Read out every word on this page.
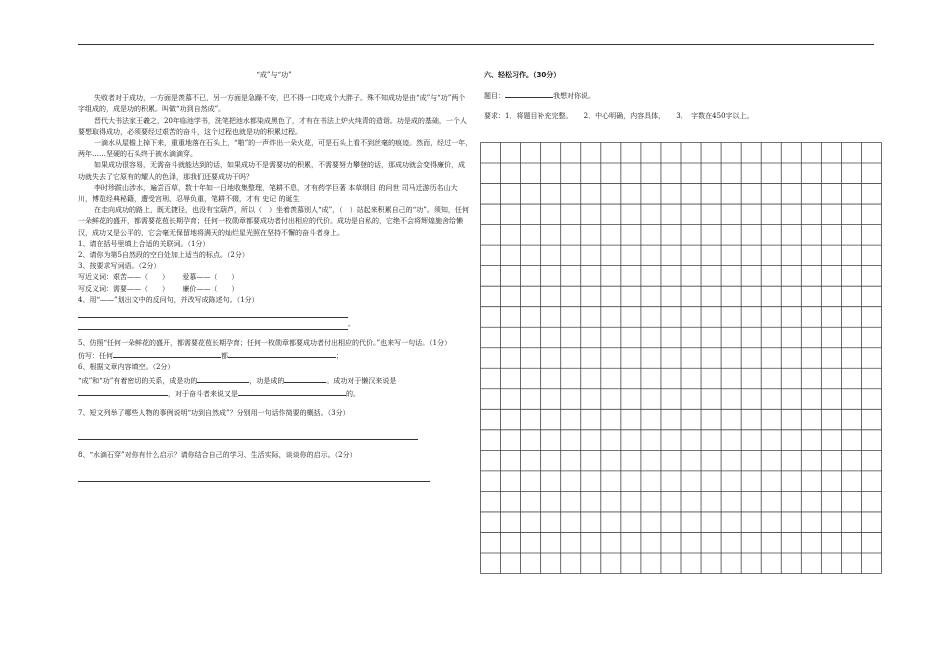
“成”与“功”

失败者对于成功，一方面是羡慕不已，另一方面是急躁不安，巴不得一口吃成个大胖子。殊不知成功是由“成”与“功”两个字组成的，成是功的积累。叫做“功到自然成”。

晋代大书法家王羲之，20年临池学书，洗笔把池水都染成黑色了，才有在书法上炉火纯青的造诣。功是成的基础，一个人要想取得成功，必须要经过艰苦的奋斗，这个过程也就是功的积累过程。

一滴水从屋檐上掉下来，重重地落在石头上，“啪”的一声炸出一朵火花，可是石头上看不到丝毫的痕迹。然而，经过一年，　两年……坚硬的石头终于被水滴滴穿。

如果成功很容易，无需奋斗就能达到的话，如果成功不是需要功的积累，不需要努力攀登的话，那成功就会变得廉价，成功就失去了它原有的耀人的色泽，那我们还要成功干吗？

李时珍跋山涉水，遍尝百草，数十年如一日地收集整理，笔耕不息，才有药学巨著 本草纲目 的问世 司马迁游历名山大川，博览经典秘籍，遭受宫刑，忍辱负重，笔耕不辍，才有 史记 的诞生

在走向成功的路上，既无捷径，也没有宝葫芦，所以（　）坐着羡慕别人“成”，（　）站起来积累自己的“功”。须知，任何一朵鲜花的盛开，都需要花苞长期孕育；任何一枚勋章都要成功者付出相应的代价。成功是自私的，它绝不会将辉煌施舍给懒汉，成功又是公平的，它会毫无保留地将满天的灿烂星光照在坚持不懈的奋斗者身上。

1、请在括号里填上合适的关联词。（1分）

2、请你为第5自然段的空白处加上适当的标点。（2分）

3、按要求写词语。（2分）

写近义词：艰苦——（　　） 爱慕——（　　）

写反义词：需要——（　　） 廉价——（　　）

4、用“——”划出文中的反问句，并改写成陈述句。（1分）

。

5、仿照“任何一朵鲜花的盛开，都需要花苞长期孕育；任何一枚勋章都要成功者付出相应的代价。”也来写一句话。（1分）

仿写：任何	都	；

6、根据文章内容填空。（2分）

“成”和“功”有着密切的关系，成是功的	，功是成的	。成功对于懒汉来说是

，对于奋斗者来说又是	的。

7、短文列举了哪些人物的事例说明“功到自然成”？分别用一句话作简要的概括。（3分）

8、“水滴石穿”对你有什么启示？请你结合自己的学习、生活实际，谈谈你的启示。（2分）

六、轻松习作。（30分）

题目：	我想对你说。

要求：1．将题目补充完整。 2．中心明确，内容具体， 3．　字数在450字以上。
